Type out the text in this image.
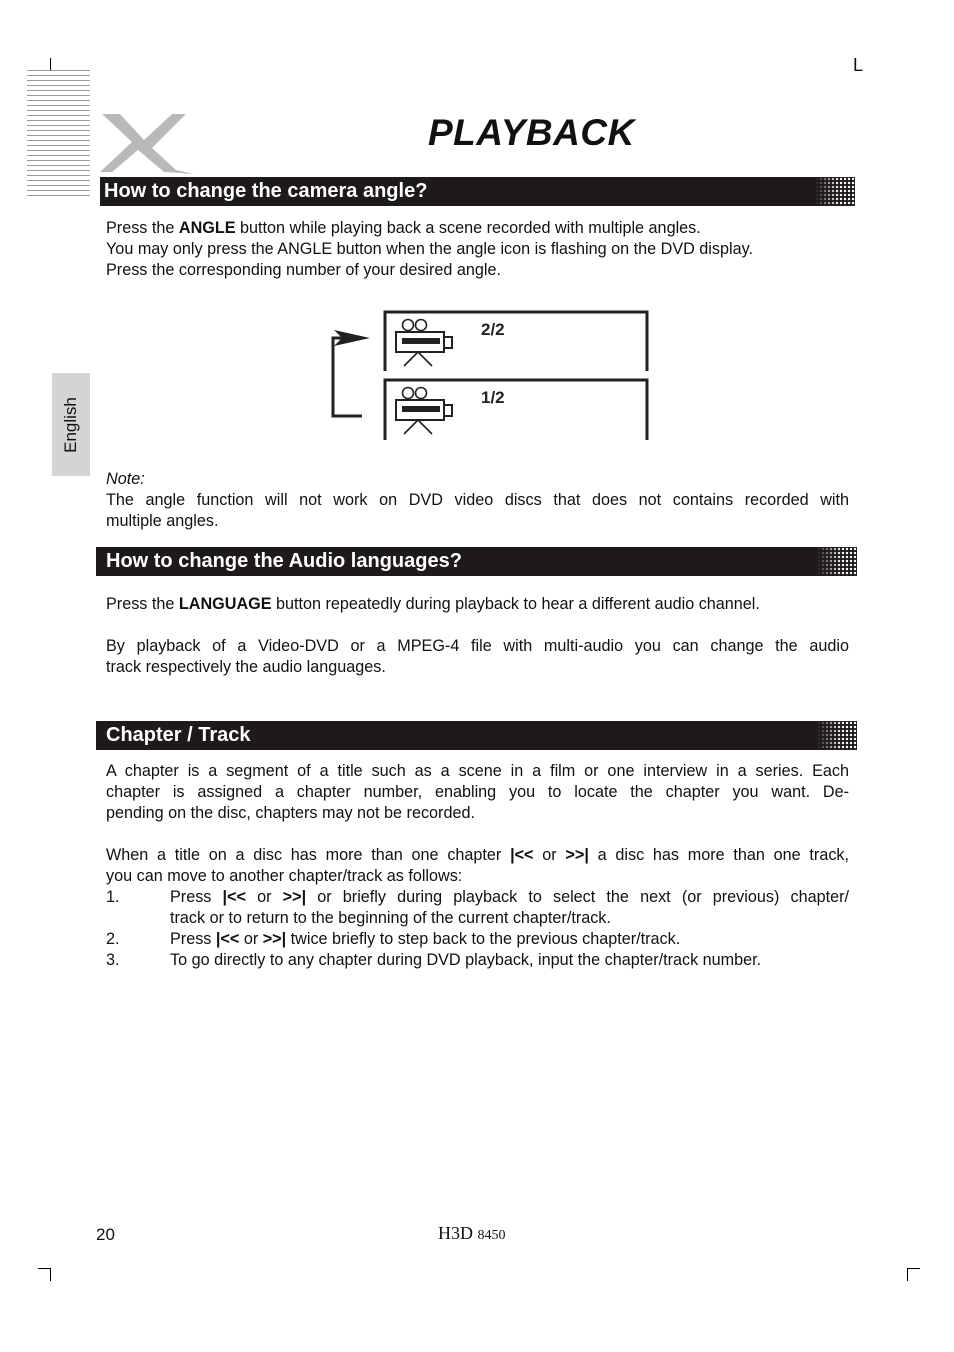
L
PLAYBACK
How to change the camera angle?
Press the ANGLE button while playing back a scene recorded with multiple angles.
You may only press the ANGLE button when the angle icon is flashing on the DVD display.
Press the corresponding number of your desired angle.
2/2
1/2
English
Note:
The angle function will not work on DVD video discs that does not contains recorded with
multiple angles.
How to change the Audio languages?
Press the LANGUAGE button repeatedly during playback to hear a different audio channel.
By playback of a Video-DVD or a MPEG-4 file with multi-audio you can change the audio
track respectively the audio languages.
Chapter / Track
A chapter is a segment of a title such as a scene in a film or one interview in a series. Each
chapter is assigned a chapter number, enabling you to locate the chapter you want. De-
pending on the disc, chapters may not be recorded.
When a title on a disc has more than one chapter |<< or >>| a disc has more than one track,
you can move to another chapter/track as follows:
1.	Press |<< or >>| or briefly during playback to select the next (or previous) chapter/
track or to return to the beginning of the current chapter/track.
2.	Press |<< or >>| twice briefly to step back to the previous chapter/track.
3.	To go directly to any chapter during DVD playback, input the chapter/track number.
20	H3D 8450
